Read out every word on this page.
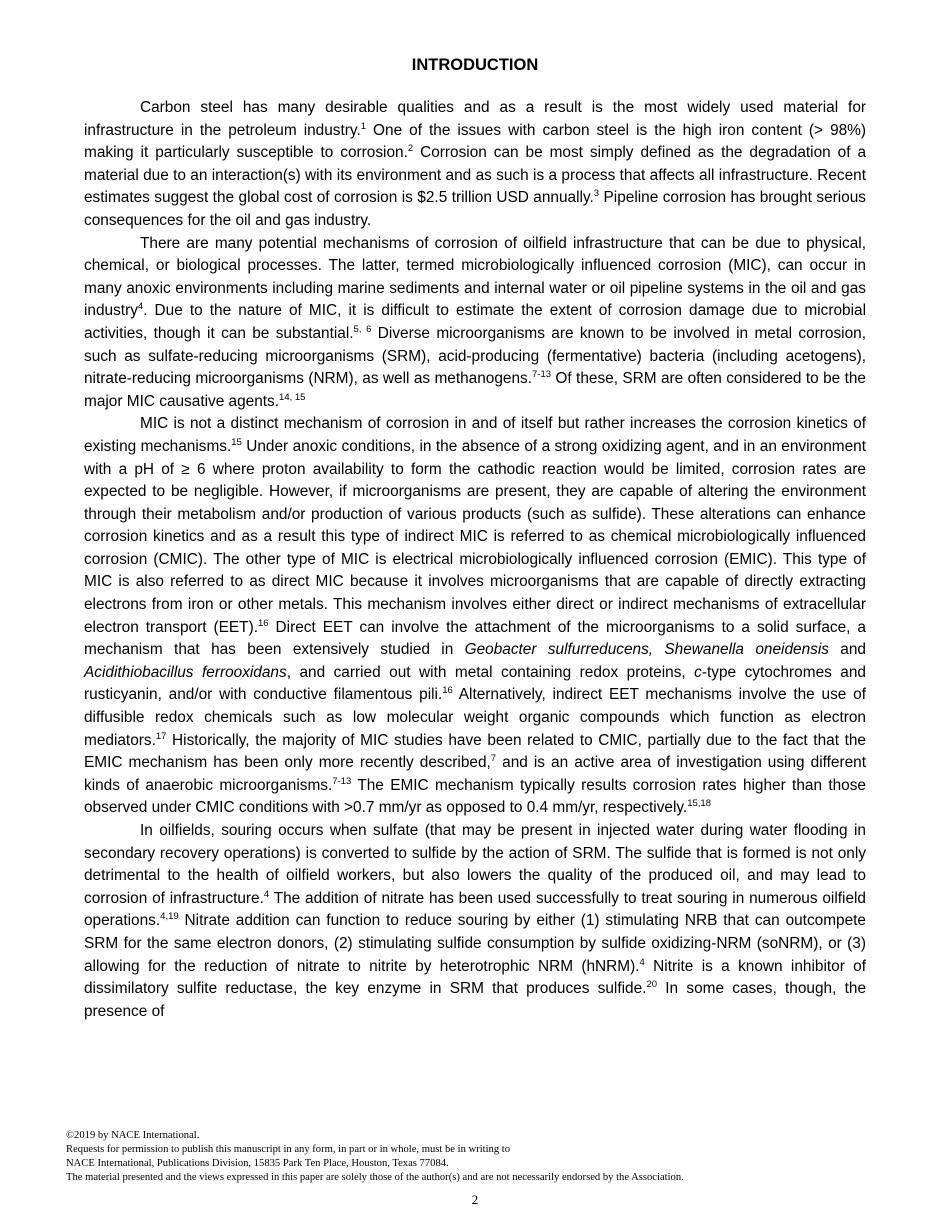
INTRODUCTION

Carbon steel has many desirable qualities and as a result is the most widely used material for infrastructure in the petroleum industry.$^1$ One of the issues with carbon steel is the high iron content (> 98%) making it particularly susceptible to corrosion.$^2$ Corrosion can be most simply defined as the degradation of a material due to an interaction(s) with its environment and as such is a process that affects all infrastructure. Recent estimates suggest the global cost of corrosion is $2.5 trillion USD annually.$^3$ Pipeline corrosion has brought serious consequences for the oil and gas industry.

There are many potential mechanisms of corrosion of oilfield infrastructure that can be due to physical, chemical, or biological processes. The latter, termed microbiologically influenced corrosion (MIC), can occur in many anoxic environments including marine sediments and internal water or oil pipeline systems in the oil and gas industry$^4$. Due to the nature of MIC, it is difficult to estimate the extent of corrosion damage due to microbial activities, though it can be substantial.$^{5, 6}$ Diverse microorganisms are known to be involved in metal corrosion, such as sulfate-reducing microorganisms (SRM), acid-producing (fermentative) bacteria (including acetogens), nitrate-reducing microorganisms (NRM), as well as methanogens.$^{7-13}$ Of these, SRM are often considered to be the major MIC causative agents.$^{14, 15}$

MIC is not a distinct mechanism of corrosion in and of itself but rather increases the corrosion kinetics of existing mechanisms.$^{15}$ Under anoxic conditions, in the absence of a strong oxidizing agent, and in an environment with a pH of ≥ 6 where proton availability to form the cathodic reaction would be limited, corrosion rates are expected to be negligible. However, if microorganisms are present, they are capable of altering the environment through their metabolism and/or production of various products (such as sulfide). These alterations can enhance corrosion kinetics and as a result this type of indirect MIC is referred to as chemical microbiologically influenced corrosion (CMIC). The other type of MIC is electrical microbiologically influenced corrosion (EMIC). This type of MIC is also referred to as direct MIC because it involves microorganisms that are capable of directly extracting electrons from iron or other metals. This mechanism involves either direct or indirect mechanisms of extracellular electron transport (EET).$^{16}$ Direct EET can involve the attachment of the microorganisms to a solid surface, a mechanism that has been extensively studied in Geobacter sulfurreducens, Shewanella oneidensis and Acidithiobacillus ferrooxidans, and carried out with metal containing redox proteins, c-type cytochromes and rusticyanin, and/or with conductive filamentous pili.$^{16}$ Alternatively, indirect EET mechanisms involve the use of diffusible redox chemicals such as low molecular weight organic compounds which function as electron mediators.$^{17}$ Historically, the majority of MIC studies have been related to CMIC, partially due to the fact that the EMIC mechanism has been only more recently described,$^7$ and is an active area of investigation using different kinds of anaerobic microorganisms.$^{7-13}$ The EMIC mechanism typically results corrosion rates higher than those observed under CMIC conditions with >0.7 mm/yr as opposed to 0.4 mm/yr, respectively.$^{15,18}$

In oilfields, souring occurs when sulfate (that may be present in injected water during water flooding in secondary recovery operations) is converted to sulfide by the action of SRM. The sulfide that is formed is not only detrimental to the health of oilfield workers, but also lowers the quality of the produced oil, and may lead to corrosion of infrastructure.$^4$ The addition of nitrate has been used successfully to treat souring in numerous oilfield operations.$^{4,19}$ Nitrate addition can function to reduce souring by either (1) stimulating NRB that can outcompete SRM for the same electron donors, (2) stimulating sulfide consumption by sulfide oxidizing-NRM (soNRM), or (3) allowing for the reduction of nitrate to nitrite by heterotrophic NRM (hNRM).$^4$ Nitrite is a known inhibitor of dissimilatory sulfite reductase, the key enzyme in SRM that produces sulfide.$^{20}$ In some cases, though, the presence of

©2019 by NACE International.
Requests for permission to publish this manuscript in any form, in part or in whole, must be in writing to
NACE International, Publications Division, 15835 Park Ten Place, Houston, Texas 77084.
The material presented and the views expressed in this paper are solely those of the author(s) and are not necessarily endorsed by the Association.
2
